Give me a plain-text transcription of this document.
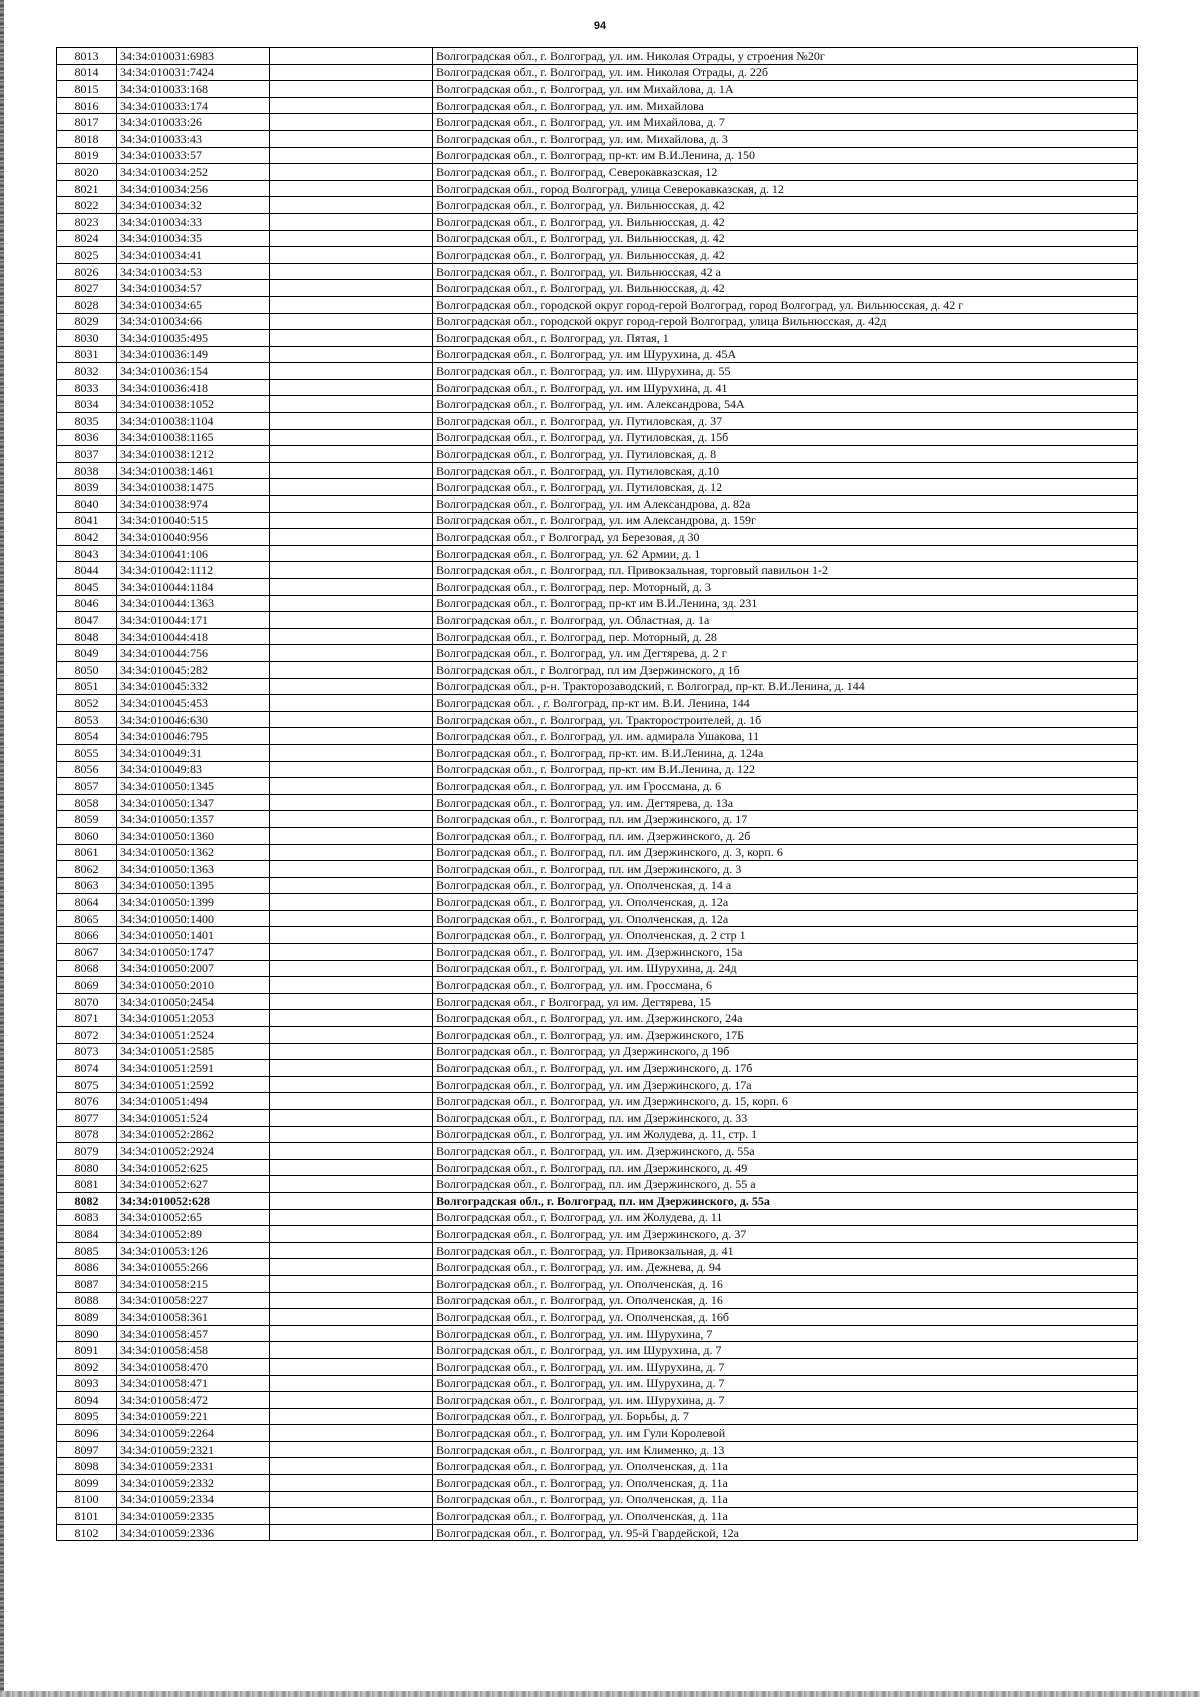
94
8013	34:34:010031:6983		Волгоградская обл., г. Волгоград, ул. им. Николая Отрады, у строения №20г
8014	34:34:010031:7424		Волгоградская обл., г. Волгоград, ул. им. Николая Отрады, д. 22б
8015	34:34:010033:168		Волгоградская обл., г. Волгоград, ул. им Михайлова, д. 1А
8016	34:34:010033:174		Волгоградская обл., г. Волгоград, ул. им. Михайлова
8017	34:34:010033:26		Волгоградская обл., г. Волгоград, ул. им Михайлова, д. 7
8018	34:34:010033:43		Волгоградская обл., г. Волгоград, ул. им. Михайлова, д. 3
8019	34:34:010033:57		Волгоградская обл., г. Волгоград, пр-кт. им В.И.Ленина, д. 150
8020	34:34:010034:252		Волгоградская обл., г. Волгоград, Северокавказская, 12
8021	34:34:010034:256		Волгоградская обл., город Волгоград, улица Северокавказская, д. 12
8022	34:34:010034:32		Волгоградская обл., г. Волгоград, ул. Вильнюсская, д. 42
8023	34:34:010034:33		Волгоградская обл., г. Волгоград, ул. Вильнюсская, д. 42
8024	34:34:010034:35		Волгоградская обл., г. Волгоград, ул. Вильнюсская, д. 42
8025	34:34:010034:41		Волгоградская обл., г. Волгоград, ул. Вильнюсская, д. 42
8026	34:34:010034:53		Волгоградская обл., г. Волгоград, ул. Вильнюсская, 42 а
8027	34:34:010034:57		Волгоградская обл., г. Волгоград, ул. Вильнюсская, д. 42
8028	34:34:010034:65		Волгоградская обл., городской округ город-герой Волгоград, город Волгоград, ул. Вильнюсская, д. 42 г
8029	34:34:010034:66		Волгоградская обл., городской округ город-герой Волгоград, улица Вильнюсская, д. 42д
8030	34:34:010035:495		Волгоградская обл., г. Волгоград, ул. Пятая, 1
8031	34:34:010036:149		Волгоградская обл., г. Волгоград, ул. им Шурухина, д. 45А
8032	34:34:010036:154		Волгоградская обл., г. Волгоград, ул. им. Шурухина, д. 55
8033	34:34:010036:418		Волгоградская обл., г. Волгоград, ул. им Шурухина, д. 41
8034	34:34:010038:1052		Волгоградская обл., г. Волгоград, ул. им. Александрова, 54А
8035	34:34:010038:1104		Волгоградская обл., г. Волгоград, ул. Путиловская, д. 37
8036	34:34:010038:1165		Волгоградская обл., г. Волгоград, ул. Путиловская, д. 15б
8037	34:34:010038:1212		Волгоградская обл., г. Волгоград, ул. Путиловская, д. 8
8038	34:34:010038:1461		Волгоградская обл., г. Волгоград, ул. Путиловская, д.10
8039	34:34:010038:1475		Волгоградская обл., г. Волгоград, ул. Путиловская, д. 12
8040	34:34:010038:974		Волгоградская обл., г. Волгоград, ул. им Александрова, д. 82а
8041	34:34:010040:515		Волгоградская обл., г. Волгоград, ул. им Александрова, д. 159г
8042	34:34:010040:956		Волгоградская обл., г Волгоград, ул Березовая, д 30
8043	34:34:010041:106		Волгоградская обл., г. Волгоград, ул. 62 Армии, д. 1
8044	34:34:010042:1112		Волгоградская обл., г. Волгоград, пл. Привокзальная, торговый павильон 1-2
8045	34:34:010044:1184		Волгоградская обл., г. Волгоград, пер. Моторный, д. 3
8046	34:34:010044:1363		Волгоградская обл., г. Волгоград, пр-кт им В.И.Ленина, зд. 231
8047	34:34:010044:171		Волгоградская обл., г. Волгоград, ул. Областная, д. 1а
8048	34:34:010044:418		Волгоградская обл., г. Волгоград, пер. Моторный, д. 28
8049	34:34:010044:756		Волгоградская обл., г. Волгоград, ул. им Дегтярева, д. 2 г
8050	34:34:010045:282		Волгоградская обл., г Волгоград, пл им Дзержинского, д 1б
8051	34:34:010045:332		Волгоградская обл., р-н. Тракторозаводский, г. Волгоград, пр-кт. В.И.Ленина, д. 144
8052	34:34:010045:453		Волгоградская обл. , г. Волгоград, пр-кт им. В.И. Ленина, 144
8053	34:34:010046:630		Волгоградская обл., г. Волгоград, ул. Тракторостроителей, д. 1б
8054	34:34:010046:795		Волгоградская обл., г. Волгоград, ул. им. адмирала Ушакова, 11
8055	34:34:010049:31		Волгоградская обл., г. Волгоград, пр-кт. им. В.И.Ленина, д. 124а
8056	34:34:010049:83		Волгоградская обл., г. Волгоград, пр-кт. им В.И.Ленина, д. 122
8057	34:34:010050:1345		Волгоградская обл., г. Волгоград, ул. им Гроссмана, д. 6
8058	34:34:010050:1347		Волгоградская обл., г. Волгоград, ул. им. Дегтярева, д. 13а
8059	34:34:010050:1357		Волгоградская обл., г. Волгоград, пл. им Дзержинского, д. 17
8060	34:34:010050:1360		Волгоградская обл., г. Волгоград, пл. им. Дзержинского, д. 2б
8061	34:34:010050:1362		Волгоградская обл., г. Волгоград, пл. им Дзержинского, д. 3, корп. 6
8062	34:34:010050:1363		Волгоградская обл., г. Волгоград, пл. им Дзержинского, д. 3
8063	34:34:010050:1395		Волгоградская обл., г. Волгоград, ул. Ополченская, д. 14 а
8064	34:34:010050:1399		Волгоградская обл., г. Волгоград, ул. Ополченская, д. 12а
8065	34:34:010050:1400		Волгоградская обл., г. Волгоград, ул. Ополченская, д. 12а
8066	34:34:010050:1401		Волгоградская обл., г. Волгоград, ул. Ополченская, д. 2 стр 1
8067	34:34:010050:1747		Волгоградская обл., г. Волгоград, ул. им. Дзержинского, 15а
8068	34:34:010050:2007		Волгоградская обл., г. Волгоград, ул. им. Шурухина, д. 24д
8069	34:34:010050:2010		Волгоградская обл., г. Волгоград, ул. им. Гроссмана, 6
8070	34:34:010050:2454		Волгоградская обл., г Волгоград, ул им. Дегтярева, 15
8071	34:34:010051:2053		Волгоградская обл., г. Волгоград, ул. им. Дзержинского, 24а
8072	34:34:010051:2524		Волгоградская обл., г. Волгоград, ул. им. Дзержинского, 17Б
8073	34:34:010051:2585		Волгоградская обл., г. Волгоград, ул Дзержинского, д 19б
8074	34:34:010051:2591		Волгоградская обл., г. Волгоград, ул. им Дзержинского, д. 17б
8075	34:34:010051:2592		Волгоградская обл., г. Волгоград, ул. им Дзержинского, д. 17а
8076	34:34:010051:494		Волгоградская обл., г. Волгоград, ул. им Дзержинского, д. 15, корп. 6
8077	34:34:010051:524		Волгоградская обл., г. Волгоград, пл. им Дзержинского, д. 33
8078	34:34:010052:2862		Волгоградская обл., г. Волгоград, ул. им Жолудева, д. 11, стр. 1
8079	34:34:010052:2924		Волгоградская обл., г. Волгоград, ул. им. Дзержинского, д. 55а
8080	34:34:010052:625		Волгоградская обл., г. Волгоград, пл. им Дзержинского, д. 49
8081	34:34:010052:627		Волгоградская обл., г. Волгоград, пл. им Дзержинского, д. 55 а
8082	34:34:010052:628		Волгоградская обл., г. Волгоград, пл. им Дзержинского, д. 55а
8083	34:34:010052:65		Волгоградская обл., г. Волгоград, ул. им Жолудева, д. 11
8084	34:34:010052:89		Волгоградская обл., г. Волгоград, ул. им Дзержинского, д. 37
8085	34:34:010053:126		Волгоградская обл., г. Волгоград, ул. Привокзальная, д. 41
8086	34:34:010055:266		Волгоградская обл., г. Волгоград, ул. им. Дежнева, д. 94
8087	34:34:010058:215		Волгоградская обл., г. Волгоград, ул. Ополченская, д. 16
8088	34:34:010058:227		Волгоградская обл., г. Волгоград, ул. Ополченская, д. 16
8089	34:34:010058:361		Волгоградская обл., г. Волгоград, ул. Ополченская, д. 16б
8090	34:34:010058:457		Волгоградская обл., г. Волгоград, ул. им. Шурухина, 7
8091	34:34:010058:458		Волгоградская обл., г. Волгоград, ул. им Шурухина, д. 7
8092	34:34:010058:470		Волгоградская обл., г. Волгоград, ул. им. Шурухина, д. 7
8093	34:34:010058:471		Волгоградская обл., г. Волгоград, ул. им. Шурухина, д. 7
8094	34:34:010058:472		Волгоградская обл., г. Волгоград, ул. им. Шурухина, д. 7
8095	34:34:010059:221		Волгоградская обл., г. Волгоград, ул. Борьбы, д. 7
8096	34:34:010059:2264		Волгоградская обл., г. Волгоград, ул. им Гули Королевой
8097	34:34:010059:2321		Волгоградская обл., г. Волгоград, ул. им Клименко, д. 13
8098	34:34:010059:2331		Волгоградская обл., г. Волгоград, ул. Ополченская, д. 11а
8099	34:34:010059:2332		Волгоградская обл., г. Волгоград, ул. Ополченская, д. 11а
8100	34:34:010059:2334		Волгоградская обл., г. Волгоград, ул. Ополченская, д. 11а
8101	34:34:010059:2335		Волгоградская обл., г. Волгоград, ул. Ополченская, д. 11а
8102	34:34:010059:2336		Волгоградская обл., г. Волгоград, ул. 95-й Гвардейской, 12а
